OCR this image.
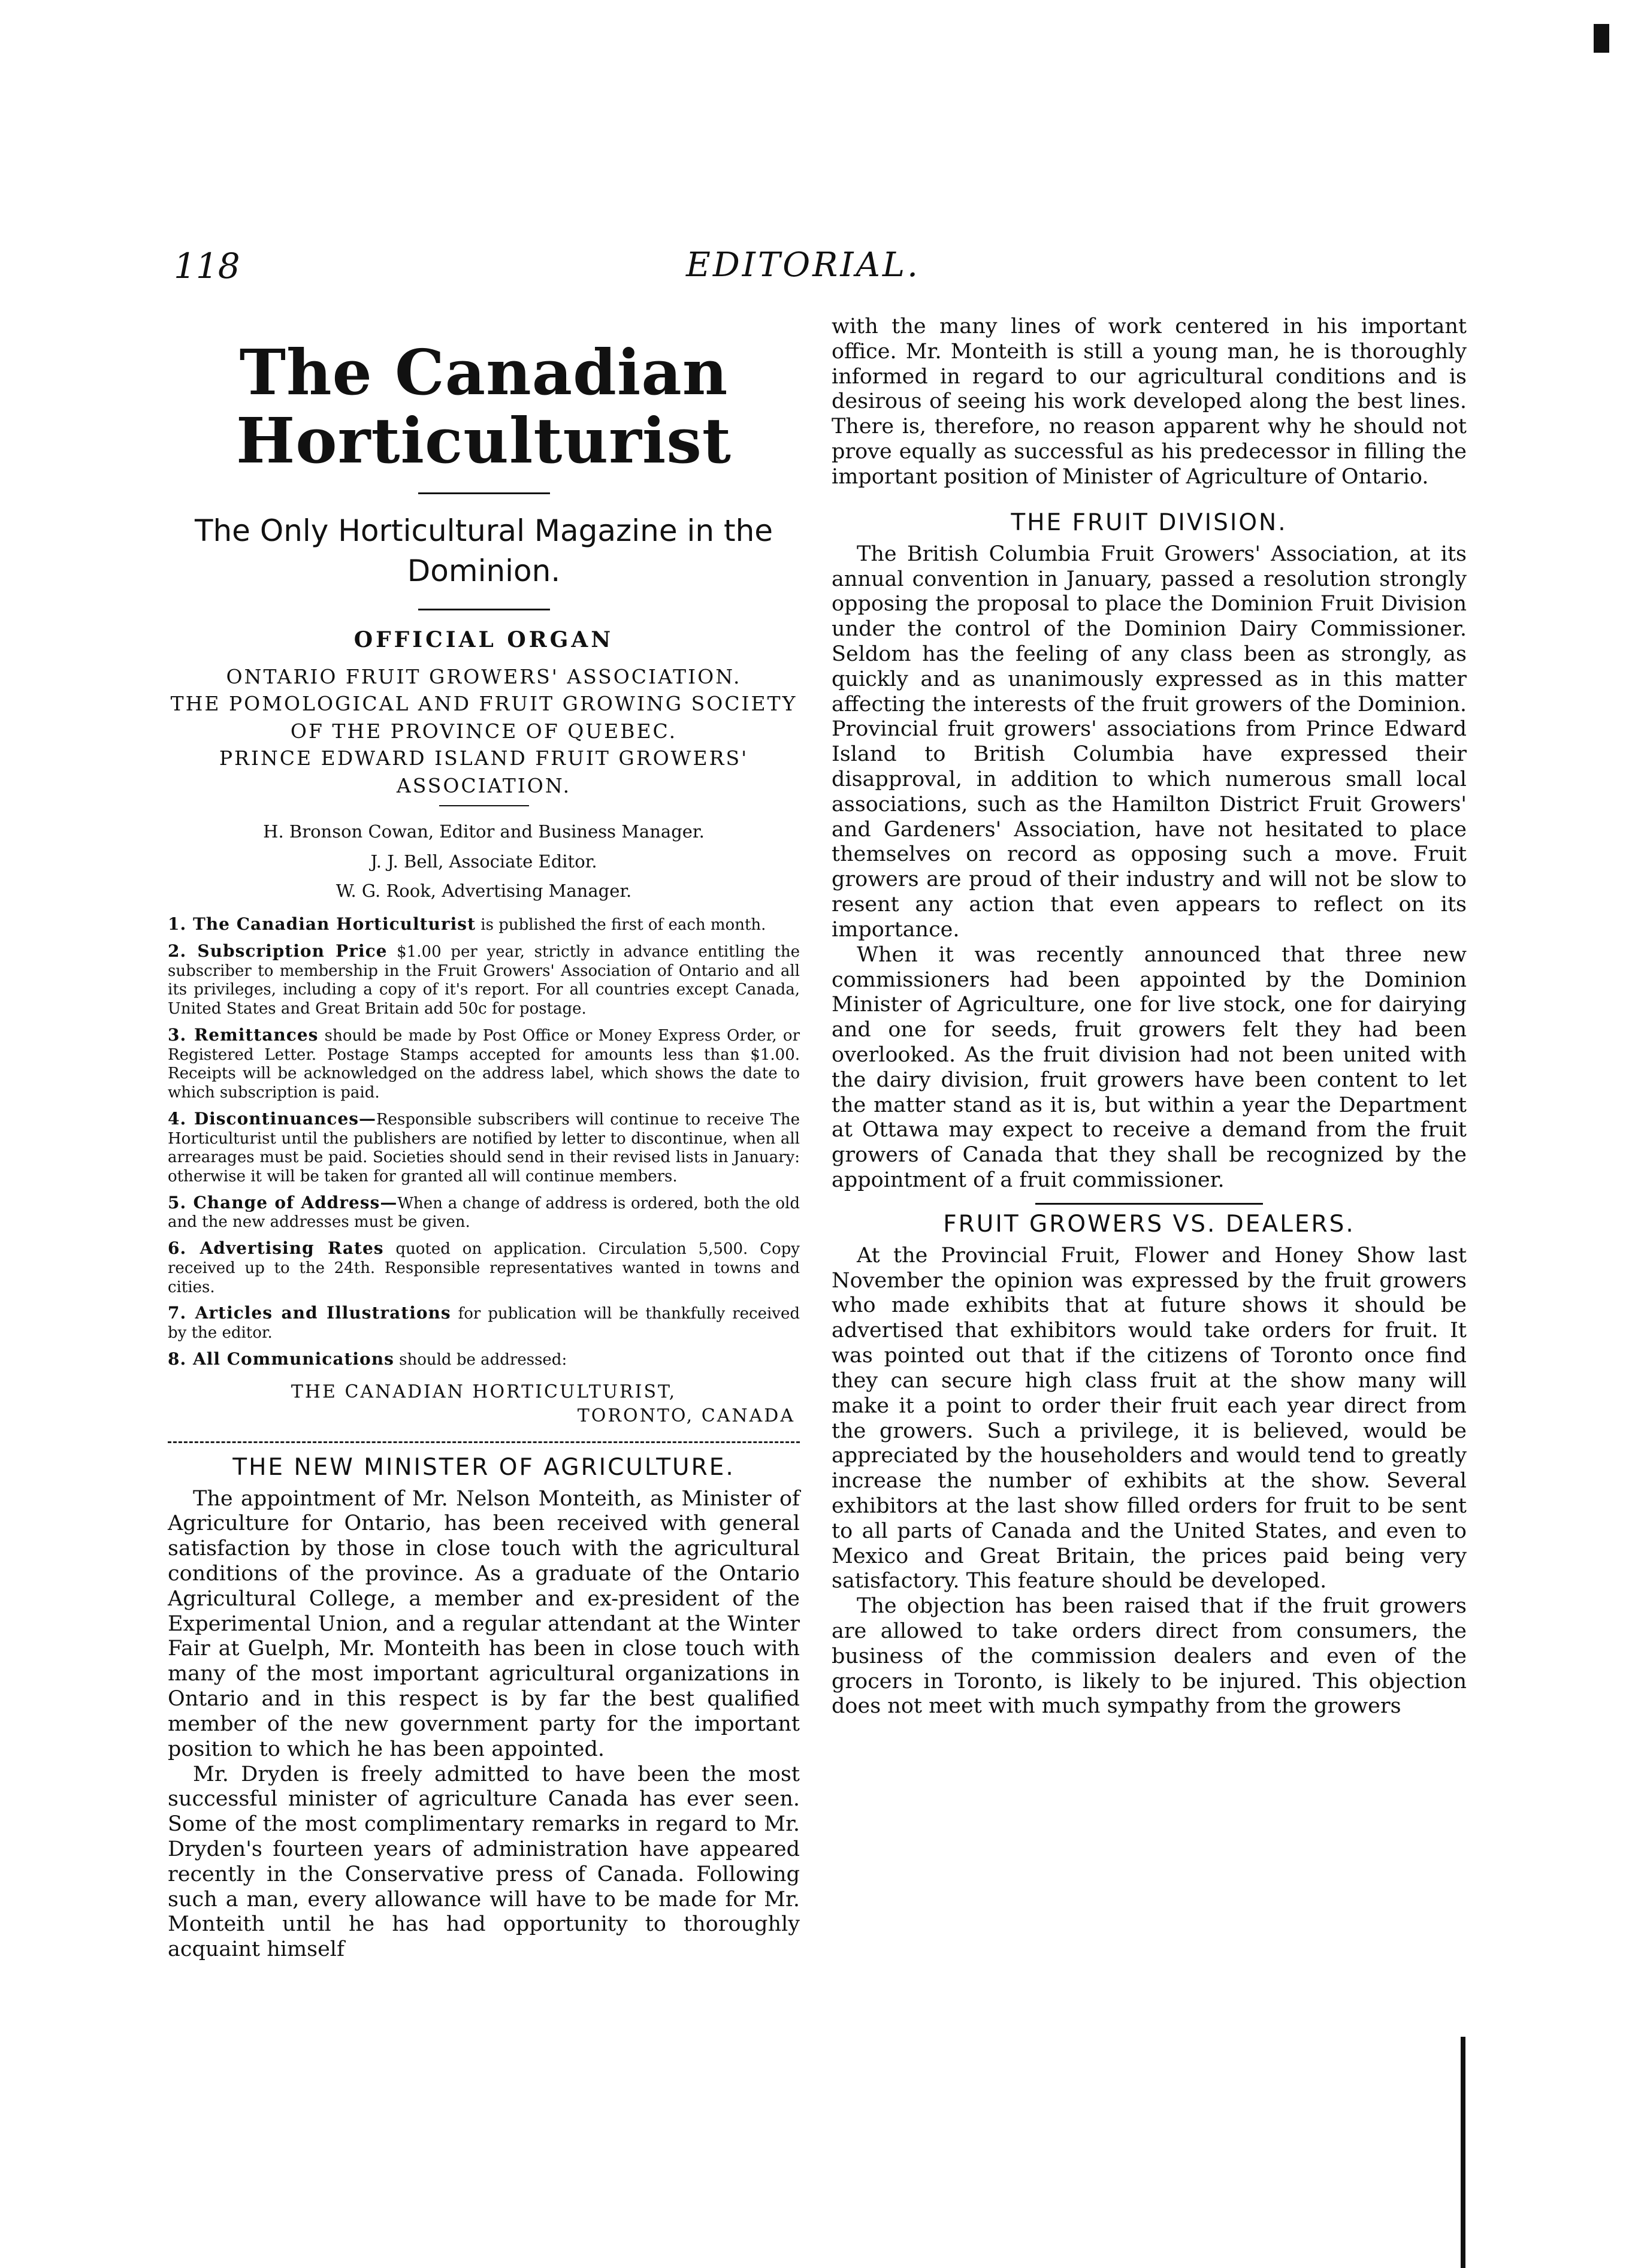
118	EDITORIAL.
The Canadian Horticulturist
The Only Horticultural Magazine in the Dominion.
OFFICIAL ORGAN

ONTARIO FRUIT GROWERS' ASSOCIATION.

THE POMOLOGICAL AND FRUIT GROWING SOCIETY OF THE PROVINCE OF QUEBEC.

PRINCE EDWARD ISLAND FRUIT GROWERS' ASSOCIATION.

H. Bronson Cowan, Editor and Business Manager.

J. J. Bell, Associate Editor.

W. G. Rook, Advertising Manager.

1. The Canadian Horticulturist is published the first of each month.

2. Subscription Price $1.00 per year, strictly in advance entitling the subscriber to membership in the Fruit Growers' Association of Ontario and all its privileges, including a copy of it's report. For all countries except Canada, United States and Great Britain add 50c for postage.

3. Remittances should be made by Post Office or Money Express Order, or Registered Letter. Postage Stamps accepted for amounts less than $1.00. Receipts will be acknowledged on the address label, which shows the date to which subscription is paid.

4. Discontinuances—Responsible subscribers will continue to receive The Horticulturist until the publishers are notified by letter to discontinue, when all arrearages must be paid. Societies should send in their revised lists in January: otherwise it will be taken for granted all will continue members.

5. Change of Address—When a change of address is ordered, both the old and the new addresses must be given.

6. Advertising Rates quoted on application. Circulation 5,500. Copy received up to the 24th. Responsible representatives wanted in towns and cities.

7. Articles and Illustrations for publication will be thankfully received by the editor.

8. All Communications should be addressed:

THE CANADIAN HORTICULTURIST,
TORONTO, CANADA
THE NEW MINISTER OF AGRICULTURE.

The appointment of Mr. Nelson Monteith, as Minister of Agriculture for Ontario, has been received with general satisfaction by those in close touch with the agricultural conditions of the province. As a graduate of the Ontario Agricultural College, a member and ex-president of the Experimental Union, and a regular attendant at the Winter Fair at Guelph, Mr. Monteith has been in close touch with many of the most important agricultural organizations in Ontario and in this respect is by far the best qualified member of the new government party for the important position to which he has been appointed.

Mr. Dryden is freely admitted to have been the most successful minister of agriculture Canada has ever seen. Some of the most complimentary remarks in regard to Mr. Dryden's fourteen years of administration have appeared recently in the Conservative press of Canada. Following such a man, every allowance will have to be made for Mr. Monteith until he has had opportunity to thoroughly acquaint himself

with the many lines of work centered in his important office. Mr. Monteith is still a young man, he is thoroughly informed in regard to our agricultural conditions and is desirous of seeing his work developed along the best lines. There is, therefore, no reason apparent why he should not prove equally as successful as his predecessor in filling the important position of Minister of Agriculture of Ontario.

THE FRUIT DIVISION.

The British Columbia Fruit Growers' Association, at its annual convention in January, passed a resolution strongly opposing the proposal to place the Dominion Fruit Division under the control of the Dominion Dairy Commissioner. Seldom has the feeling of any class been as strongly, as quickly and as unanimously expressed as in this matter affecting the interests of the fruit growers of the Dominion. Provincial fruit growers' associations from Prince Edward Island to British Columbia have expressed their disapproval, in addition to which numerous small local associations, such as the Hamilton District Fruit Growers' and Gardeners' Association, have not hesitated to place themselves on record as opposing such a move. Fruit growers are proud of their industry and will not be slow to resent any action that even appears to reflect on its importance.

When it was recently announced that three new commissioners had been appointed by the Dominion Minister of Agriculture, one for live stock, one for dairying and one for seeds, fruit growers felt they had been overlooked. As the fruit division had not been united with the dairy division, fruit growers have been content to let the matter stand as it is, but within a year the Department at Ottawa may expect to receive a demand from the fruit growers of Canada that they shall be recognized by the appointment of a fruit commissioner.

FRUIT GROWERS VS. DEALERS.

At the Provincial Fruit, Flower and Honey Show last November the opinion was expressed by the fruit growers who made exhibits that at future shows it should be advertised that exhibitors would take orders for fruit. It was pointed out that if the citizens of Toronto once find they can secure high class fruit at the show many will make it a point to order their fruit each year direct from the growers. Such a privilege, it is believed, would be appreciated by the householders and would tend to greatly increase the number of exhibits at the show. Several exhibitors at the last show filled orders for fruit to be sent to all parts of Canada and the United States, and even to Mexico and Great Britain, the prices paid being very satisfactory. This feature should be developed.

The objection has been raised that if the fruit growers are allowed to take orders direct from consumers, the business of the commission dealers and even of the grocers in Toronto, is likely to be injured. This objection does not meet with much sympathy from the growers
